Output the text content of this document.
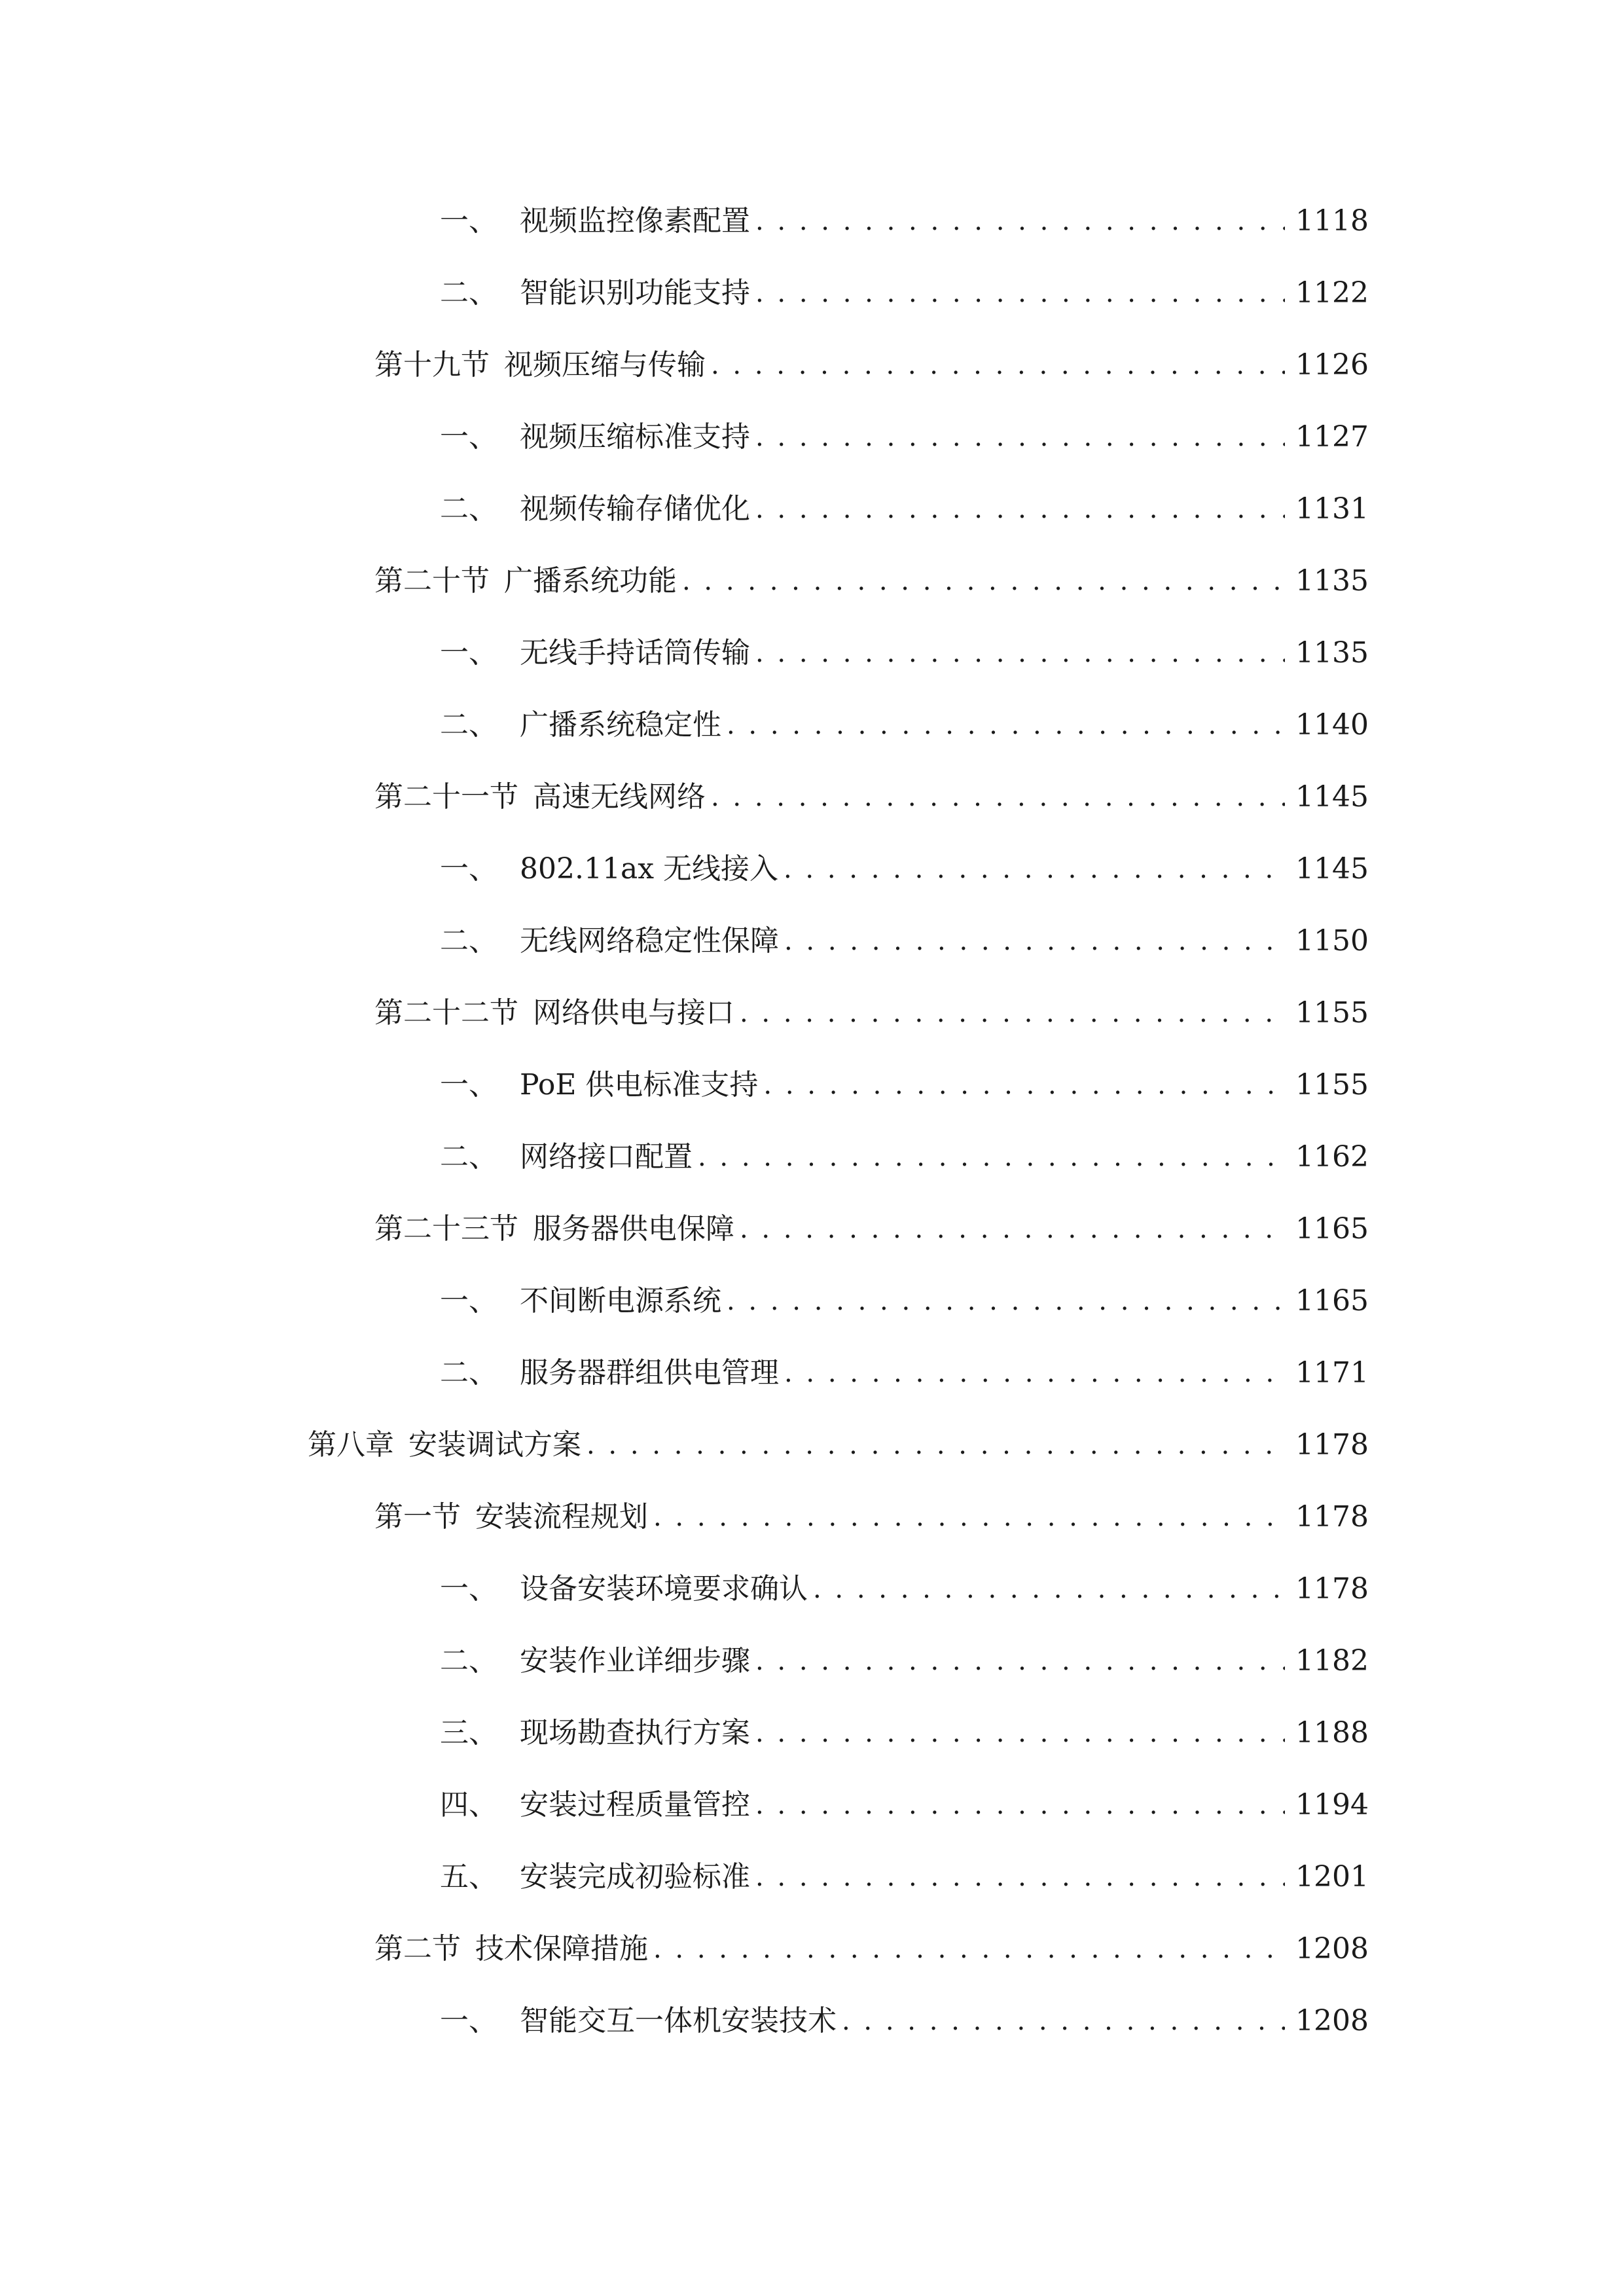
一、 视频监控像素配置 . . .	1118
二、 智能识别功能支持 . . .	1122
第十九节 视频压缩与传输 . . .	1126
一、 视频压缩标准支持 . . .	1127
二、 视频传输存储优化 . . .	1131
第二十节 广播系统功能 . . .	1135
一、 无线手持话筒传输 . . .	1135
二、 广播系统稳定性 . . .	1140
第二十一节 高速无线网络 . . .	1145
一、 802.11ax 无线接入 . . .	1145
二、 无线网络稳定性保障 . . .	1150
第二十二节 网络供电与接口 . . .	1155
一、 PoE 供电标准支持 . . .	1155
二、 网络接口配置 . . .	1162
第二十三节 服务器供电保障 . . .	1165
一、 不间断电源系统 . . .	1165
二、 服务器群组供电管理 . . .	1171
第八章 安装调试方案 . . .	1178
第一节 安装流程规划 . . .	1178
一、 设备安装环境要求确认 . . .	1178
二、 安装作业详细步骤 . . .	1182
三、 现场勘查执行方案 . . .	1188
四、 安装过程质量管控 . . .	1194
五、 安装完成初验标准 . . .	1201
第二节 技术保障措施 . . .	1208
一、 智能交互一体机安装技术 . . .	1208
